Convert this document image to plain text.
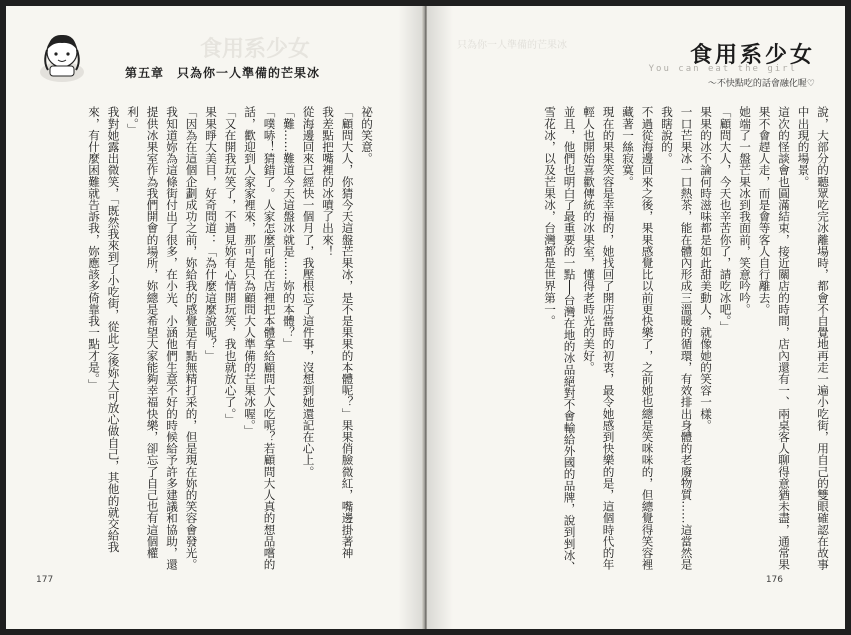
食用系少女
第五章　只為你一人準備的芒果冰

祕的笑意。

「顧問大人，你猜今天這盤芒果冰，是不是果果的本體呢？」果果俏臉微紅，嘴邊掛著神

我差點把嘴裡的冰噴了出來！

從海邊回來已經快一個月了，我壓根忘了這件事，沒想到她還記在心上。

「難……難道今天這盤冰就是……妳的本體？」

「噗哧！猜錯了。人家怎麼可能在店裡把本體拿給顧問大人吃呢？若顧問大人真的想品嚐的話，歡迎到人家家裡來，那可是只為顧問大人準備的芒果冰喔。」

「又在開我玩笑了，不過見妳有心情開玩笑，我也就放心了。」

果果睜大美目，好奇問道：「為什麼這麼說呢？」

「因為在這個企劃成功之前，妳給我的感覺是有點無精打采的，但是現在妳的笑容會發光。我知道妳為這條街付出了很多，在小光、小涵他們生意不好的時候給予許多建議和協助，還提供冰果室作為我們開會的場所，妳總是希望大家能夠幸福快樂，卻忘了自己也有這個權利。」

我對她露出微笑，「既然我來到了小吃街，從此之後妳大可放心做自己，其他的就交給我來，有什麼困難就告訴我，妳應該多倚靠我一點才是。」

177
只為你一人準備的芒果冰	食用系少女
You can eat the girl
～不快點吃的話會融化喔♡

說，大部分的聽眾吃完冰離場時，都會不自覺地再走一遍小吃街，用自己的雙眼確認在故事中出現的場景。

這次的怪談會也圓滿結束，接近關店的時間，店內還有一、兩桌客人聊得意猶未盡，通常果果不會趕人走，而是會等客人自行離去。

她端了一盤芒果冰到我面前，笑意吟吟。

「顧問大人，今天也辛苦你了，請吃冰吧。」

果果的冰不論何時滋味都是如此甜美動人，就像她的笑容一樣。

一口芒果冰一口熱茶，能在體內形成三溫暖的循環，有效排出身體的老廢物質……這當然是我瞎說的。

不過從海邊回來之後，果果感覺比以前更快樂了，之前她也總是笑咪咪的，但總覺得笑容裡藏著一絲寂寞。

現在的果果笑容是幸福的，她找回了開店當時的初衷，最令她感到快樂的是，這個時代的年輕人也開始喜歡傳統的冰果室，懂得老時光的美好。

並且，他們也明白了最重要的一點──台灣在地的冰品絕對不會輸給外國的品牌，說到剉冰、雪花冰，以及芒果冰，台灣都是世界第一。

176
